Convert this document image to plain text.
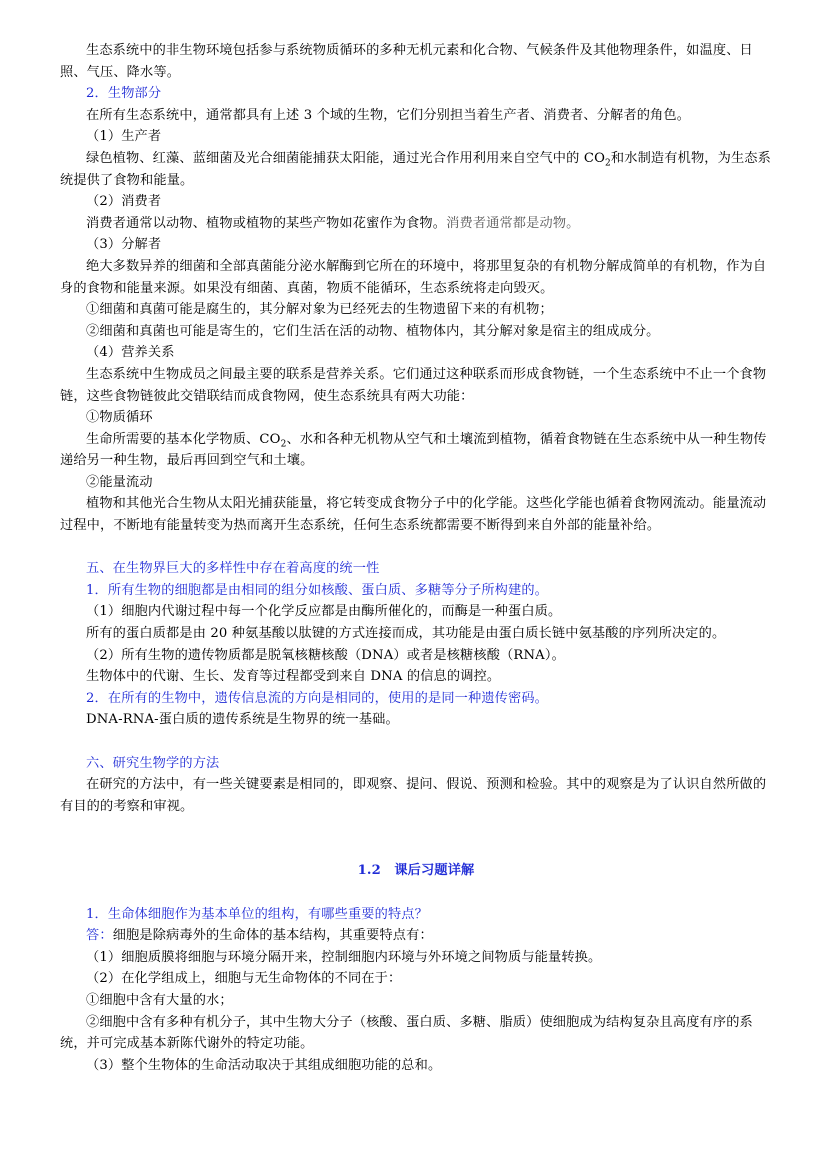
生态系统中的非生物环境包括参与系统物质循环的多种无机元素和化合物、气候条件及其他物理条件，如温度、日照、气压、降水等。

2．生物部分

在所有生态系统中，通常都具有上述 3 个域的生物，它们分别担当着生产者、消费者、分解者的角色。

（1）生产者

绿色植物、红藻、蓝细菌及光合细菌能捕获太阳能，通过光合作用利用来自空气中的 $CO_2$和水制造有机物，为生态系统提供了食物和能量。

（2）消费者

消费者通常以动物、植物或植物的某些产物如花蜜作为食物。消费者通常都是动物。

（3）分解者

绝大多数异养的细菌和全部真菌能分泌水解酶到它所在的环境中，将那里复杂的有机物分解成简单的有机物，作为自身的食物和能量来源。如果没有细菌、真菌，物质不能循环，生态系统将走向毁灭。

①细菌和真菌可能是腐生的，其分解对象为已经死去的生物遗留下来的有机物；

②细菌和真菌也可能是寄生的，它们生活在活的动物、植物体内，其分解对象是宿主的组成成分。

（4）营养关系

生态系统中生物成员之间最主要的联系是营养关系。它们通过这种联系而形成食物链，一个生态系统中不止一个食物链，这些食物链彼此交错联结而成食物网，使生态系统具有两大功能：

①物质循环

生命所需要的基本化学物质、$CO_2$、水和各种无机物从空气和土壤流到植物，循着食物链在生态系统中从一种生物传递给另一种生物，最后再回到空气和土壤。

②能量流动

植物和其他光合生物从太阳光捕获能量，将它转变成食物分子中的化学能。这些化学能也循着食物网流动。能量流动过程中，不断地有能量转变为热而离开生态系统，任何生态系统都需要不断得到来自外部的能量补给。

五、在生物界巨大的多样性中存在着高度的统一性

1．所有生物的细胞都是由相同的组分如核酸、蛋白质、多糖等分子所构建的。

（1）细胞内代谢过程中每一个化学反应都是由酶所催化的，而酶是一种蛋白质。

所有的蛋白质都是由 20 种氨基酸以肽键的方式连接而成，其功能是由蛋白质长链中氨基酸的序列所决定的。

（2）所有生物的遗传物质都是脱氧核糖核酸（DNA）或者是核糖核酸（RNA）。

生物体中的代谢、生长、发育等过程都受到来自 DNA 的信息的调控。

2．在所有的生物中，遗传信息流的方向是相同的，使用的是同一种遗传密码。

DNA-RNA-蛋白质的遗传系统是生物界的统一基础。

六、研究生物学的方法

在研究的方法中，有一些关键要素是相同的，即观察、提问、假说、预测和检验。其中的观察是为了认识自然所做的有目的的考察和审视。

1.2　课后习题详解

1．生命体细胞作为基本单位的组构，有哪些重要的特点？

答：细胞是除病毒外的生命体的基本结构，其重要特点有：

（1）细胞质膜将细胞与环境分隔开来，控制细胞内环境与外环境之间物质与能量转换。

（2）在化学组成上，细胞与无生命物体的不同在于：

①细胞中含有大量的水；

②细胞中含有多种有机分子，其中生物大分子（核酸、蛋白质、多糖、脂质）使细胞成为结构复杂且高度有序的系统，并可完成基本新陈代谢外的特定功能。

（3）整个生物体的生命活动取决于其组成细胞功能的总和。
